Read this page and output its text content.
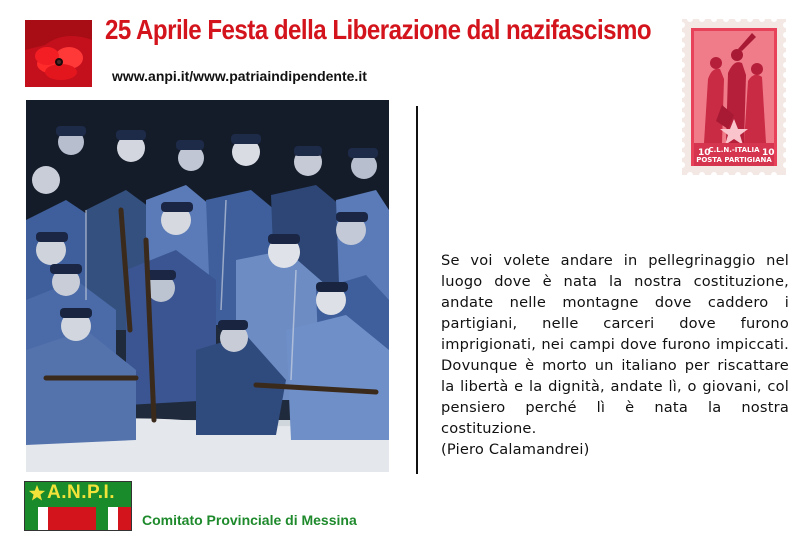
25 Aprile Festa della Liberazione dal nazifascismo
www.anpi.it/www.patriaindipendente.it
C.L.N.-ITALIA
POSTA PARTIGIANA
10	10
Se voi volete andare in pellegrinaggio nel luogo dove è nata la nostra costituzione, andate nelle montagne dove caddero i partigiani, nelle carceri dove furono imprigionati, nei campi dove furono impiccati. Dovunque è morto un italiano per riscattare la libertà e la dignità, andate lì, o giovani, col pensiero perché lì è nata la nostra costituzione.
(Piero Calamandrei)
A.N.P.I.
Comitato Provinciale di Messina
